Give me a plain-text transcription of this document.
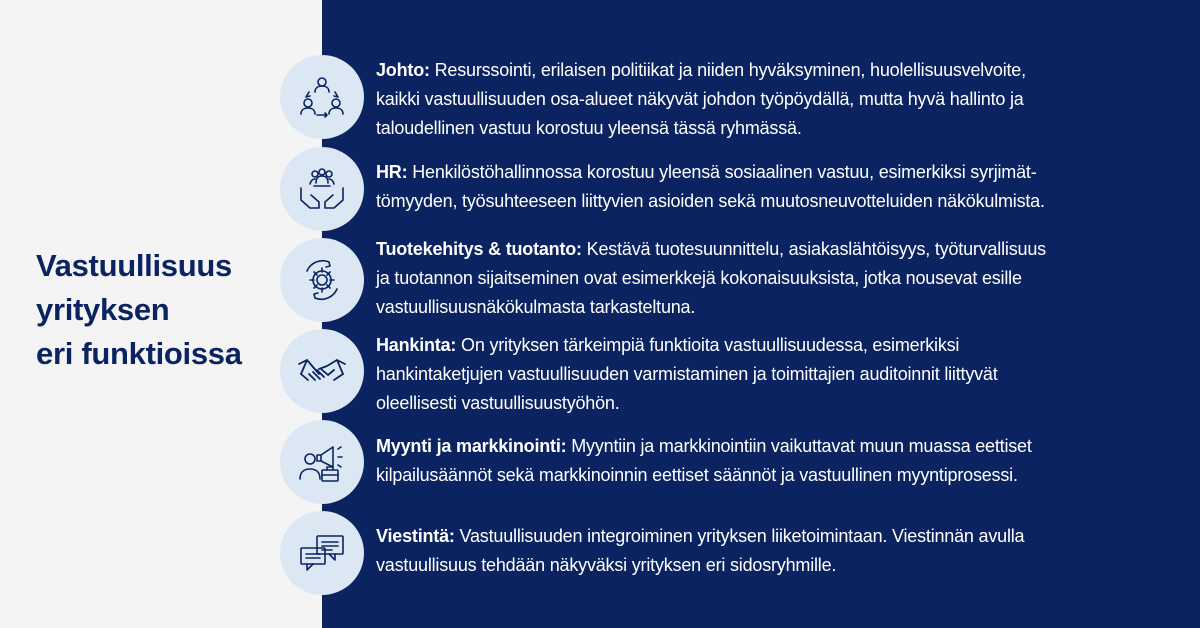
Vastuullisuus
yrityksen
eri funktioissa

Johto: Resurssointi, erilaisen politiikat ja niiden hyväksyminen, huolellisuusvelvoite,
kaikki vastuullisuuden osa-alueet näkyvät johdon työpöydällä, mutta hyvä hallinto ja
taloudellinen vastuu korostuu yleensä tässä ryhmässä.

HR: Henkilöstöhallinnossa korostuu yleensä sosiaalinen vastuu, esimerkiksi syrjimät-
tömyyden, työsuhteeseen liittyvien asioiden sekä muutosneuvotteluiden näkökulmista.

Tuotekehitys & tuotanto: Kestävä tuotesuunnittelu, asiakaslähtöisyys, työturvallisuus
ja tuotannon sijaitseminen ovat esimerkkejä kokonaisuuksista, jotka nousevat esille
vastuullisuusnäkökulmasta tarkasteltuna.

Hankinta: On yrityksen tärkeimpiä funktioita vastuullisuudessa, esimerkiksi
hankintaketjujen vastuullisuuden varmistaminen ja toimittajien auditoinnit liittyvät
oleellisesti vastuullisuustyöhön.

Myynti ja markkinointi: Myyntiin ja markkinointiin vaikuttavat muun muassa eettiset
kilpailusäännöt sekä markkinoinnin eettiset säännöt ja vastuullinen myyntiprosessi.

Viestintä: Vastuullisuuden integroiminen yrityksen liiketoimintaan. Viestinnän avulla
vastuullisuus tehdään näkyväksi yrityksen eri sidosryhmille.
